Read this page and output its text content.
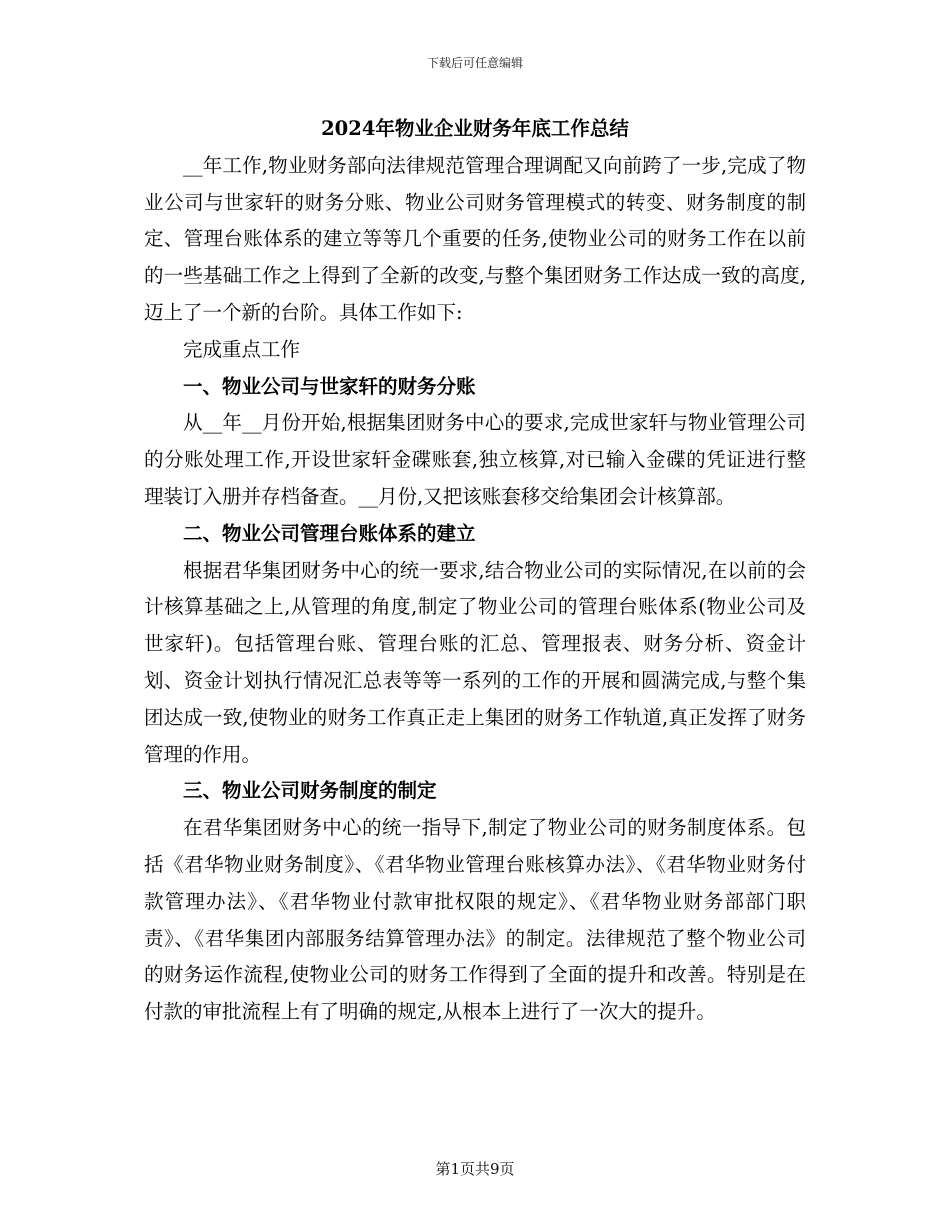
下载后可任意编辑
2024年物业企业财务年底工作总结

__年工作,物业财务部向法律规范管理合理调配又向前跨了一步,完成了物业公司与世家轩的财务分账、物业公司财务管理模式的转变、财务制度的制定、管理台账体系的建立等等几个重要的任务,使物业公司的财务工作在以前的一些基础工作之上得到了全新的改变,与整个集团财务工作达成一致的高度,迈上了一个新的台阶。具体工作如下:

完成重点工作

一、物业公司与世家轩的财务分账

从__年__月份开始,根据集团财务中心的要求,完成世家轩与物业管理公司的分账处理工作,开设世家轩金碟账套,独立核算,对已输入金碟的凭证进行整理装订入册并存档备查。__月份,又把该账套移交给集团会计核算部。

二、物业公司管理台账体系的建立

根据君华集团财务中心的统一要求,结合物业公司的实际情况,在以前的会计核算基础之上,从管理的角度,制定了物业公司的管理台账体系(物业公司及世家轩)。包括管理台账、管理台账的汇总、管理报表、财务分析、资金计划、资金计划执行情况汇总表等等一系列的工作的开展和圆满完成,与整个集团达成一致,使物业的财务工作真正走上集团的财务工作轨道,真正发挥了财务管理的作用。

三、物业公司财务制度的制定

在君华集团财务中心的统一指导下,制定了物业公司的财务制度体系。包括《君华物业财务制度》、《君华物业管理台账核算办法》、《君华物业财务付款管理办法》、《君华物业付款审批权限的规定》、《君华物业财务部部门职责》、《君华集团内部服务结算管理办法》的制定。法律规范了整个物业公司的财务运作流程,使物业公司的财务工作得到了全面的提升和改善。特别是在付款的审批流程上有了明确的规定,从根本上进行了一次大的提升。

第1页共9页
